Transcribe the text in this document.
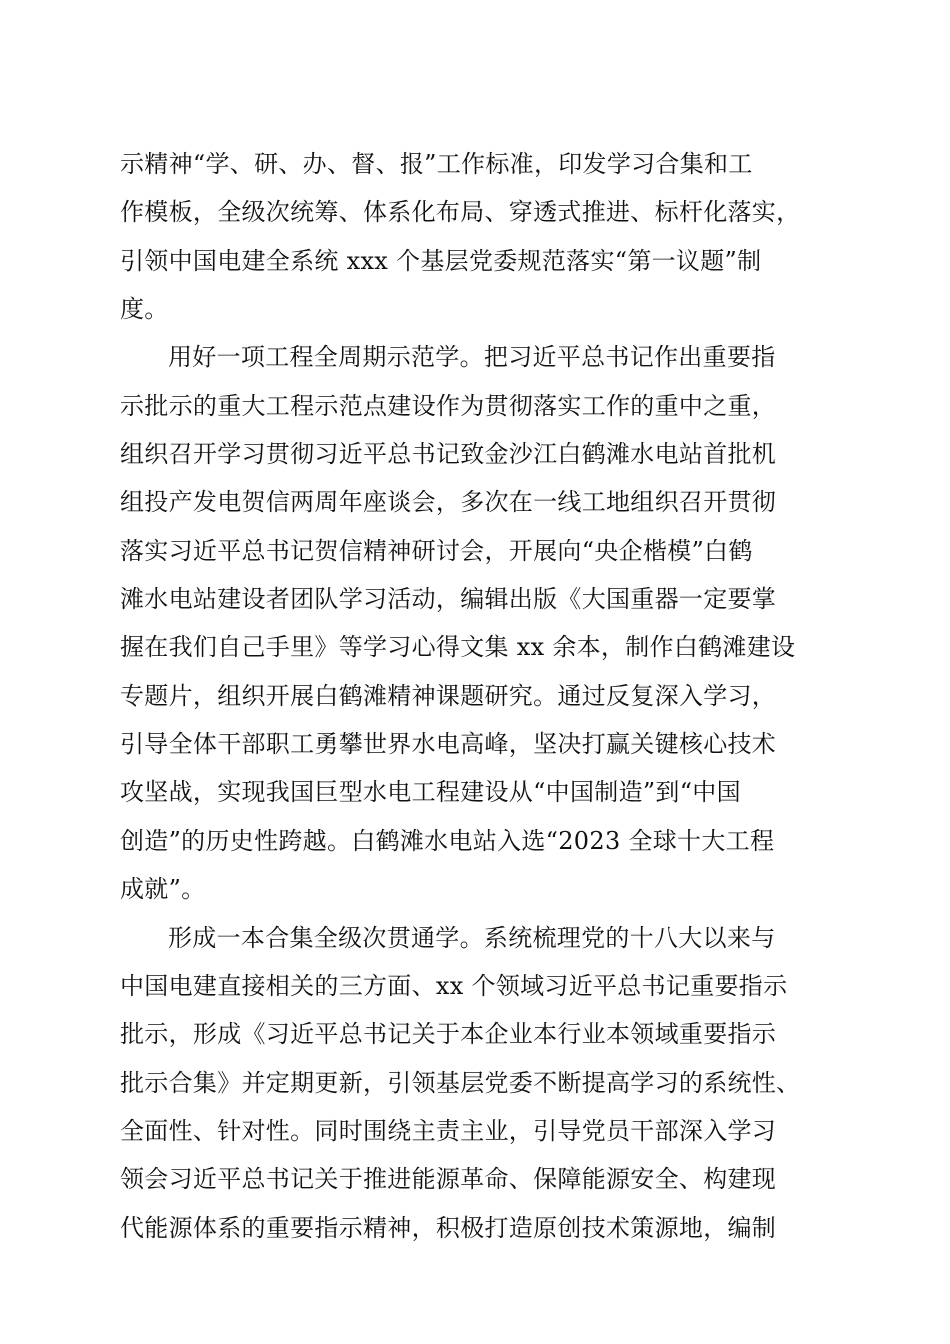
示精神“学、研、办、督、报”工作标准，印发学习合集和工
作模板，全级次统筹、体系化布局、穿透式推进、标杆化落实，
引领中国电建全系统 xxx 个基层党委规范落实“第一议题”制
度。
用好一项工程全周期示范学。把习近平总书记作出重要指
示批示的重大工程示范点建设作为贯彻落实工作的重中之重，
组织召开学习贯彻习近平总书记致金沙江白鹤滩水电站首批机
组投产发电贺信两周年座谈会，多次在一线工地组织召开贯彻
落实习近平总书记贺信精神研讨会，开展向“央企楷模”白鹤
滩水电站建设者团队学习活动，编辑出版《大国重器一定要掌
握在我们自己手里》等学习心得文集 xx 余本，制作白鹤滩建设
专题片，组织开展白鹤滩精神课题研究。通过反复深入学习，
引导全体干部职工勇攀世界水电高峰，坚决打赢关键核心技术
攻坚战，实现我国巨型水电工程建设从“中国制造”到“中国
创造”的历史性跨越。白鹤滩水电站入选“2023 全球十大工程
成就”。
形成一本合集全级次贯通学。系统梳理党的十八大以来与
中国电建直接相关的三方面、xx 个领域习近平总书记重要指示
批示，形成《习近平总书记关于本企业本行业本领域重要指示
批示合集》并定期更新，引领基层党委不断提高学习的系统性、
全面性、针对性。同时围绕主责主业，引导党员干部深入学习
领会习近平总书记关于推进能源革命、保障能源安全、构建现
代能源体系的重要指示精神，积极打造原创技术策源地，编制
